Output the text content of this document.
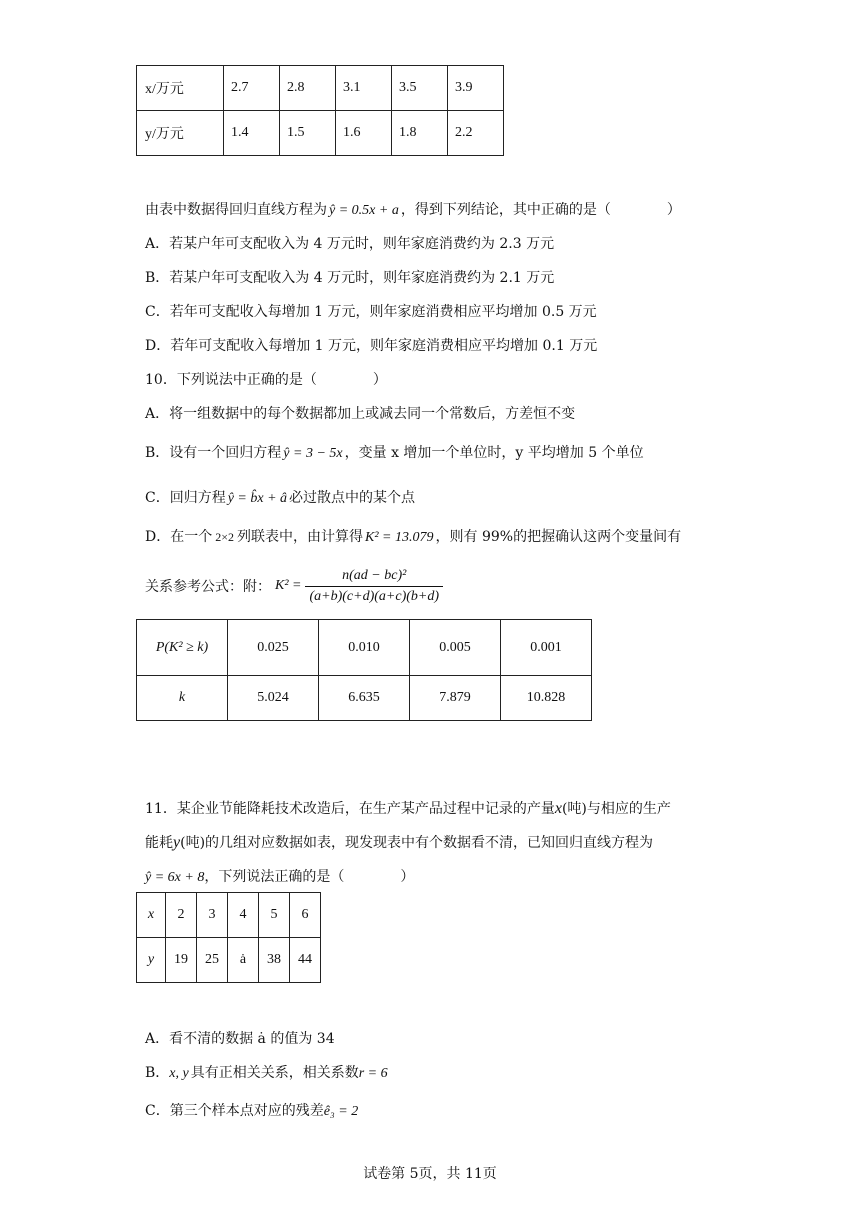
x/万元	2.7	2.8	3.1	3.5	3.9
y/万元	1.4	1.5	1.6	1.8	2.2
由表中数据得回归直线方程为 ŷ = 0.5x + a ，得到下列结论，其中正确的是（　　　　）
A．若某户年可支配收入为 4 万元时，则年家庭消费约为 2.3 万元
B．若某户年可支配收入为 4 万元时，则年家庭消费约为 2.1 万元
C．若年可支配收入每增加 1 万元，则年家庭消费相应平均增加 0.5 万元
D．若年可支配收入每增加 1 万元，则年家庭消费相应平均增加 0.1 万元
10．下列说法中正确的是（　　　　）
A．将一组数据中的每个数据都加上或减去同一个常数后，方差恒不变
B．设有一个回归方程 ŷ = 3 − 5x ，变量 x 增加一个单位时，y 平均增加 5 个单位
C．回归方程 ŷ = b̂x + â 必过散点中的某个点
D．在一个 2×2 列联表中，由计算得 K² = 13.079 ，则有 99%的把握确认这两个变量间有
关系参考公式：附： $K^2 = \frac{\text{n(ad − bc)²}}{(a+b)(c+d)(a+c)(b+d)}$
P(K² ≥ k)	0.025	0.010	0.005	0.001
k	5.024	6.635	7.879	10.828
11．某企业节能降耗技术改造后，在生产某产品过程中记录的产量x(吨)与相应的生产
能耗y(吨)的几组对应数据如表，现发现表中有个数据看不清，已知回归直线方程为
ŷ = 6x + 8，下列说法正确的是（　　　　）
x	2	3	4	5	6
y	19	25	ȧ	38	44
A．看不清的数据 ȧ 的值为 34
B．x, y 具有正相关关系，相关系数r = 6
C．第三个样本点对应的残差ê₃ = 2
试卷第 5页，共 11页
